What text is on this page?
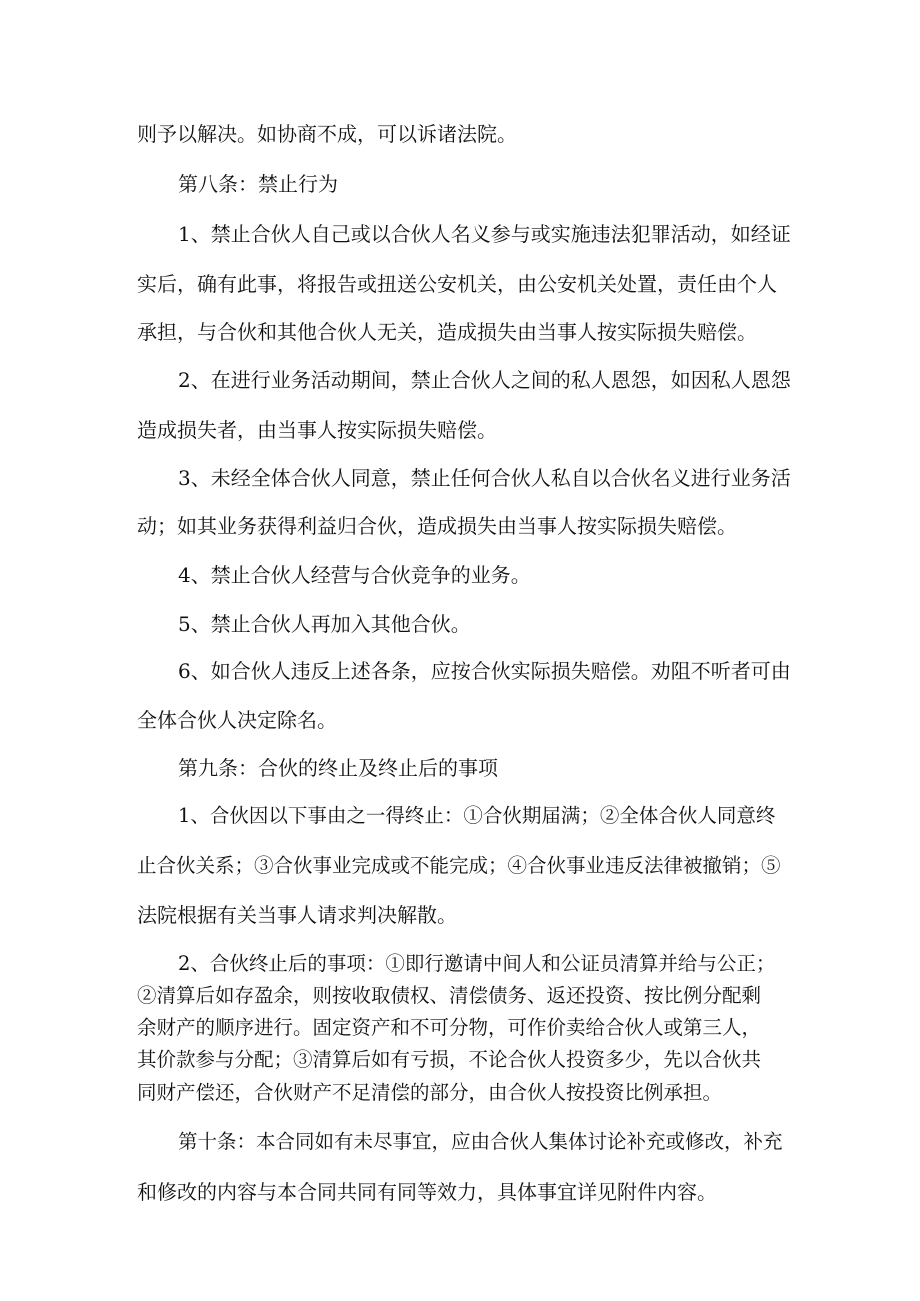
则予以解决。如协商不成，可以诉诸法院。
第八条：禁止行为
1、禁止合伙人自己或以合伙人名义参与或实施违法犯罪活动，如经证
实后，确有此事，将报告或扭送公安机关，由公安机关处置，责任由个人
承担，与合伙和其他合伙人无关，造成损失由当事人按实际损失赔偿。
2、在进行业务活动期间，禁止合伙人之间的私人恩怨，如因私人恩怨
造成损失者，由当事人按实际损失赔偿。
3、未经全体合伙人同意，禁止任何合伙人私自以合伙名义进行业务活
动；如其业务获得利益归合伙，造成损失由当事人按实际损失赔偿。
4、禁止合伙人经营与合伙竞争的业务。
5、禁止合伙人再加入其他合伙。
6、如合伙人违反上述各条，应按合伙实际损失赔偿。劝阻不听者可由
全体合伙人决定除名。
第九条：合伙的终止及终止后的事项
1、合伙因以下事由之一得终止：①合伙期届满；②全体合伙人同意终
止合伙关系；③合伙事业完成或不能完成；④合伙事业违反法律被撤销；⑤
法院根据有关当事人请求判决解散。
2、合伙终止后的事项：①即行邀请中间人和公证员清算并给与公正；
②清算后如存盈余，则按收取债权、清偿债务、返还投资、按比例分配剩
余财产的顺序进行。固定资产和不可分物，可作价卖给合伙人或第三人，
其价款参与分配；③清算后如有亏损，不论合伙人投资多少，先以合伙共
同财产偿还，合伙财产不足清偿的部分，由合伙人按投资比例承担。
第十条：本合同如有未尽事宜，应由合伙人集体讨论补充或修改，补充
和修改的内容与本合同共同有同等效力，具体事宜详见附件内容。
